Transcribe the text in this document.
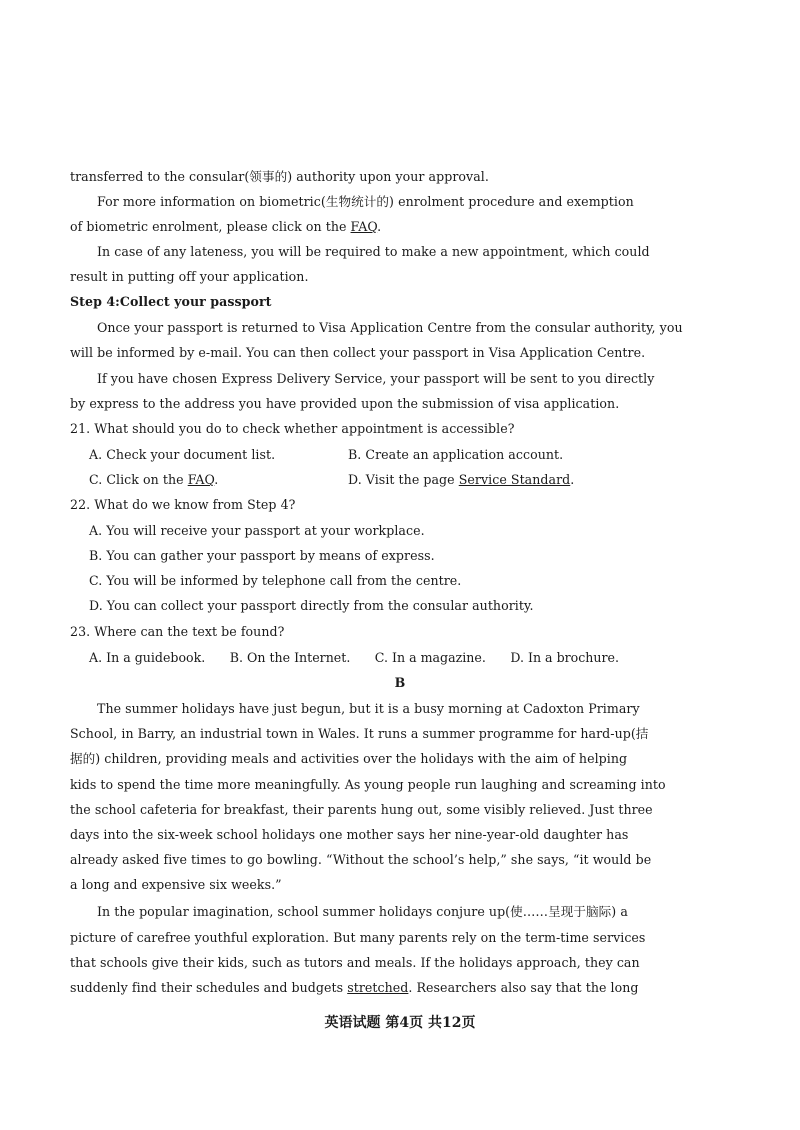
transferred to the consular(领事的) authority upon your approval.

For more information on biometric(生物统计的) enrolment procedure and exemption

of biometric enrolment, please click on the FAQ.

In case of any lateness, you will be required to make a new appointment, which could

result in putting off your application.

Step 4:Collect your passport

Once your passport is returned to Visa Application Centre from the consular authority, you

will be informed by e-mail. You can then collect your passport in Visa Application Centre.

If you have chosen Express Delivery Service, your passport will be sent to you directly

by express to the address you have provided upon the submission of visa application.

21. What should you do to check whether appointment is accessible?

A. Check your document list.	B. Create an application account.

C. Click on the FAQ.	D. Visit the page Service Standard.

22. What do we know from Step 4?

A. You will receive your passport at your workplace.

B. You can gather your passport by means of express.

C. You will be informed by telephone call from the centre.

D. You can collect your passport directly from the consular authority.

23. Where can the text be found?

A. In a guidebook. B. On the Internet. C. In a magazine. D. In a brochure.

B

The summer holidays have just begun, but it is a busy morning at Cadoxton Primary

School, in Barry, an industrial town in Wales. It runs a summer programme for hard-up(拮

据的) children, providing meals and activities over the holidays with the aim of helping

kids to spend the time more meaningfully. As young people run laughing and screaming into

the school cafeteria for breakfast, their parents hung out, some visibly relieved. Just three

days into the six-week school holidays one mother says her nine-year-old daughter has

already asked five times to go bowling. “Without the school’s help,” she says, “it would be

a long and expensive six weeks.”

In the popular imagination, school summer holidays conjure up(使……呈现于脑际) a

picture of carefree youthful exploration. But many parents rely on the term-time services

that schools give their kids, such as tutors and meals. If the holidays approach, they can

suddenly find their schedules and budgets stretched. Researchers also say that the long

英语试题 第4页 共12页
